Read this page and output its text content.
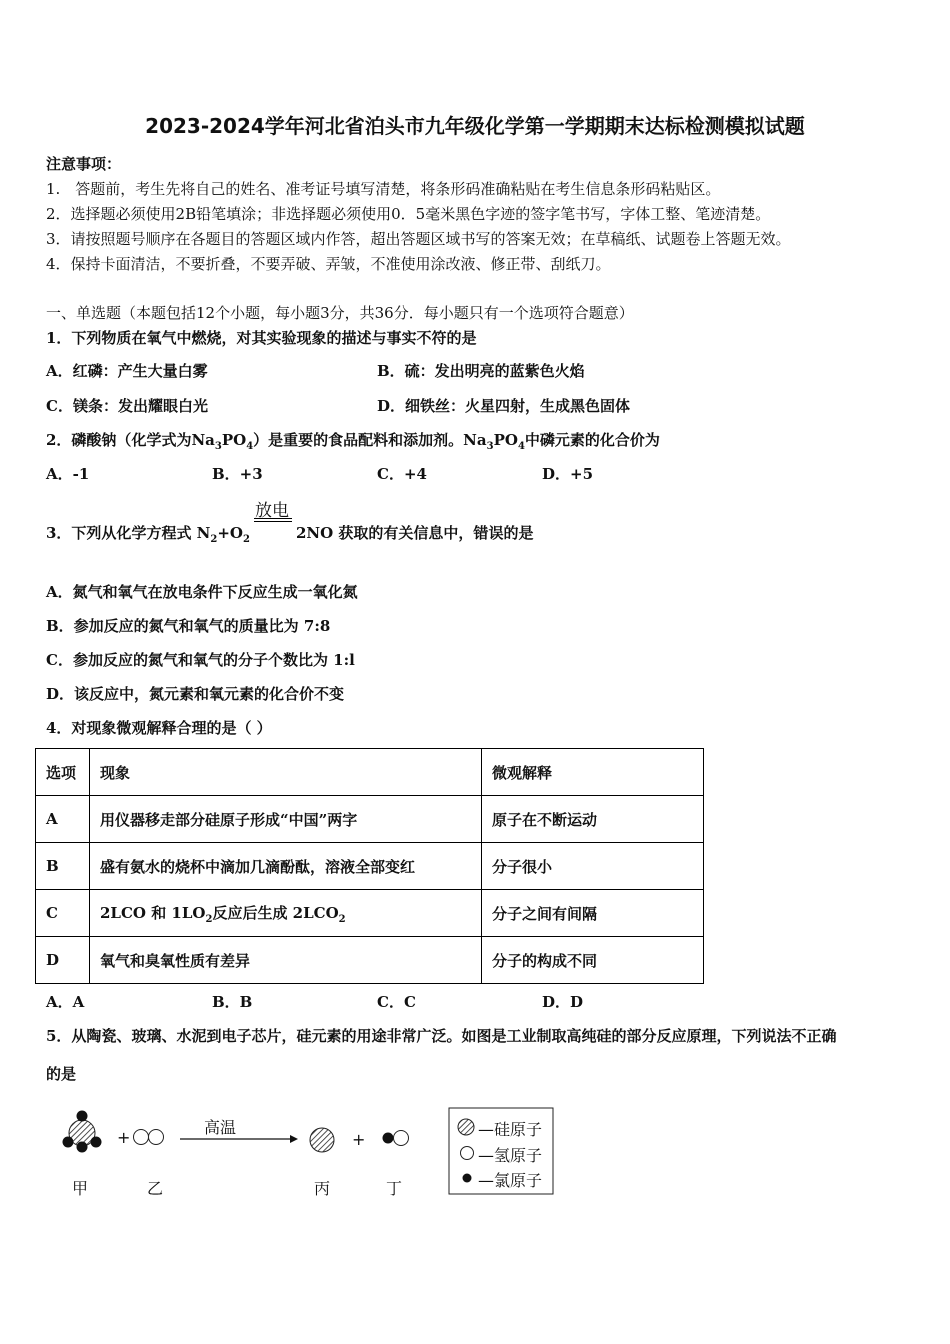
2023-2024学年河北省泊头市九年级化学第一学期期末达标检测模拟试题
注意事项：
1.　答题前，考生先将自己的姓名、准考证号填写清楚，将条形码准确粘贴在考生信息条形码粘贴区。
2．选择题必须使用2B铅笔填涂；非选择题必须使用0．5毫米黑色字迹的签字笔书写，字体工整、笔迹清楚。
3．请按照题号顺序在各题目的答题区域内作答，超出答题区域书写的答案无效；在草稿纸、试题卷上答题无效。
4．保持卡面清洁，不要折叠，不要弄破、弄皱，不准使用涂改液、修正带、刮纸刀。
一、单选题（本题包括12个小题，每小题3分，共36分．每小题只有一个选项符合题意）
1．下列物质在氧气中燃烧，对其实验现象的描述与事实不符的是
A．红磷：产生大量白雾	B．硫：发出明亮的蓝紫色火焰
C．镁条：发出耀眼白光	D．细铁丝：火星四射，生成黑色固体
2．磷酸钠（化学式为$Na_3PO_4$）是重要的食品配料和添加剂。$Na_3PO_4$中磷元素的化合价为
A．-1	B．+3	C．+4	D．+5
放电
3．下列从化学方程式 $N_2+O_2$	2NO 获取的有关信息中，错误的是
A．氮气和氧气在放电条件下反应生成一氧化氮
B．参加反应的氮气和氧气的质量比为 7:8
C．参加反应的氮气和氧气的分子个数比为 1:l
D．该反应中，氮元素和氧元素的化合价不变
4．对现象微观解释合理的是（ ）
选项	现象	微观解释
A	用仪器移走部分硅原子形成“中国”两字	原子在不断运动
B	盛有氨水的烧杯中滴加几滴酚酞，溶液全部变红	分子很小
C	2LCO 和 $1LO_2$反应后生成 $2LCO_2$	分子之间有间隔
D	氧气和臭氧性质有差异	分子的构成不同
A．A	B．B	C．C	D．D
5．从陶瓷、玻璃、水泥到电子芯片，硅元素的用途非常广泛。如图是工业制取高纯硅的部分反应原理，下列说法不正确
的是
+	+
高温
甲	乙	丙	丁
—硅原子
—氢原子
—氯原子
